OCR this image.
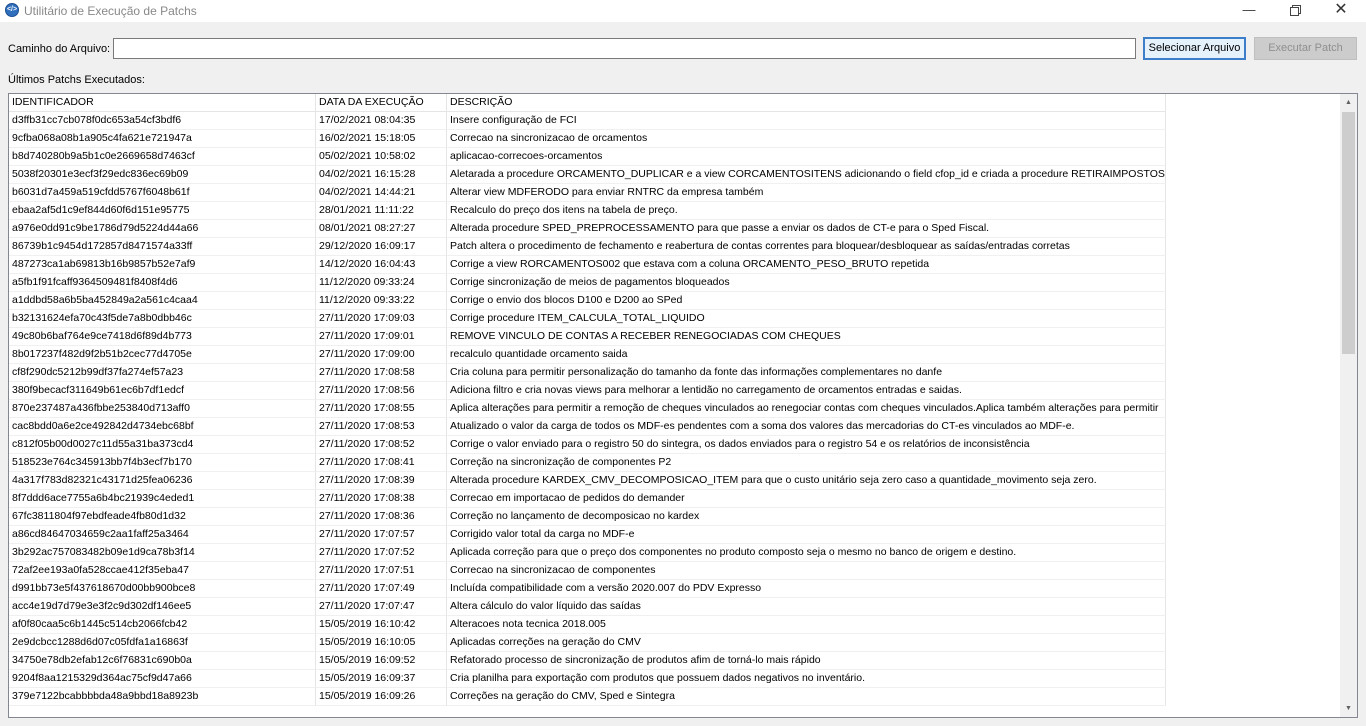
</> Utilitário de Execução de Patchs	—	✕
Caminho do Arquivo:	Selecionar Arquivo	Executar Patch
Últimos Patchs Executados:
IDENTIFICADOR	DATA DA EXECUÇÃO	DESCRIÇÃO
d3ffb31cc7cb078f0dc653a54cf3bdf6	17/02/2021 08:04:35	Insere configuração de FCI
9cfba068a08b1a905c4fa621e721947a	16/02/2021 15:18:05	Correcao na sincronizacao de orcamentos
b8d740280b9a5b1c0e2669658d7463cf	05/02/2021 10:58:02	aplicacao-correcoes-orcamentos
5038f20301e3ecf3f29edc836ec69b09	04/02/2021 16:15:28	Aletarada a procedure ORCAMENTO_DUPLICAR e a view CORCAMENTOSITENS adicionando o field cfop_id e criada a procedure RETIRAIMPOSTOS
b6031d7a459a519cfdd5767f6048b61f	04/02/2021 14:44:21	Alterar view MDFERODO para enviar RNTRC da empresa também
ebaa2af5d1c9ef844d60f6d151e95775	28/01/2021 11:11:22	Recalculo do preço dos itens na tabela de preço.
a976e0dd91c9be1786d79d5224d44a66	08/01/2021 08:27:27	Alterada procedure SPED_PREPROCESSAMENTO para que passe a enviar os dados de CT-e para o Sped Fiscal.
86739b1c9454d172857d8471574a33ff	29/12/2020 16:09:17	Patch altera o procedimento de fechamento e reabertura de contas correntes para bloquear/desbloquear as saídas/entradas corretas
487273ca1ab69813b16b9857b52e7af9	14/12/2020 16:04:43	Corrige a view RORCAMENTOS002 que estava com a coluna ORCAMENTO_PESO_BRUTO repetida
a5fb1f91fcaff9364509481f8408f4d6	11/12/2020 09:33:24	Corrige sincronização de meios de pagamentos bloqueados
a1ddbd58a6b5ba452849a2a561c4caa4	11/12/2020 09:33:22	Corrige o envio dos blocos D100 e D200 ao SPed
b32131624efa70c43f5de7a8b0dbb46c	27/11/2020 17:09:03	Corrige procedure ITEM_CALCULA_TOTAL_LIQUIDO
49c80b6baf764e9ce7418d6f89d4b773	27/11/2020 17:09:01	REMOVE VINCULO DE CONTAS A RECEBER RENEGOCIADAS COM CHEQUES
8b017237f482d9f2b51b2cec77d4705e	27/11/2020 17:09:00	recalculo quantidade orcamento saida
cf8f290dc5212b99df37fa274ef57a23	27/11/2020 17:08:58	Cria coluna para permitir personalização do tamanho da fonte das informações complementares no danfe
380f9becacf311649b61ec6b7df1edcf	27/11/2020 17:08:56	Adiciona filtro e cria novas views para melhorar a lentidão no carregamento de orcamentos entradas e saidas.
870e237487a436fbbe253840d713aff0	27/11/2020 17:08:55	Aplica alterações para permitir a remoção de cheques vinculados ao renegociar contas com cheques vinculados.Aplica também alterações para permitir
cac8bdd0a6e2ce492842d4734ebc68bf	27/11/2020 17:08:53	Atualizado o valor da carga de todos os MDF-es pendentes com a soma dos valores das mercadorias do CT-es vinculados ao MDF-e.
c812f05b00d0027c11d55a31ba373cd4	27/11/2020 17:08:52	Corrige o valor enviado para o registro 50 do sintegra, os dados enviados para o registro 54 e os relatórios de inconsistência
518523e764c345913bb7f4b3ecf7b170	27/11/2020 17:08:41	Correção na sincronização de componentes P2
4a317f783d82321c43171d25fea06236	27/11/2020 17:08:39	Alterada procedure KARDEX_CMV_DECOMPOSICAO_ITEM para que o custo unitário seja zero caso a quantidade_movimento seja zero.
8f7ddd6ace7755a6b4bc21939c4eded1	27/11/2020 17:08:38	Correcao em importacao de pedidos do demander
67fc3811804f97ebdfeade4fb80d1d32	27/11/2020 17:08:36	Correção no lançamento de decomposicao no kardex
a86cd84647034659c2aa1faff25a3464	27/11/2020 17:07:57	Corrigido valor total da carga no MDF-e
3b292ac757083482b09e1d9ca78b3f14	27/11/2020 17:07:52	Aplicada correção para que o preço dos componentes no produto composto seja o mesmo no banco de origem e destino.
72af2ee193a0fa528ccae412f35eba47	27/11/2020 17:07:51	Correcao na sincronizacao de componentes
d991bb73e5f437618670d00bb900bce8	27/11/2020 17:07:49	Incluída compatibilidade com a versão 2020.007 do PDV Expresso
acc4e19d7d79e3e3f2c9d302df146ee5	27/11/2020 17:07:47	Altera cálculo do valor líquido das saídas
af0f80caa5c6b1445c514cb2066fcb42	15/05/2019 16:10:42	Alteracoes nota tecnica 2018.005
2e9dcbcc1288d6d07c05fdfa1a16863f	15/05/2019 16:10:05	Aplicadas correções na geração do CMV
34750e78db2efab12c6f76831c690b0a	15/05/2019 16:09:52	Refatorado processo de sincronização de produtos afim de torná-lo mais rápido
9204f8aa1215329d364ac75cf9d47a66	15/05/2019 16:09:37	Cria planilha para exportação com produtos que possuem dados negativos no inventário.
379e7122bcabbbbda48a9bbd18a8923b	15/05/2019 16:09:26	Correções na geração do CMV, Sped e Sintegra
▲
▼
